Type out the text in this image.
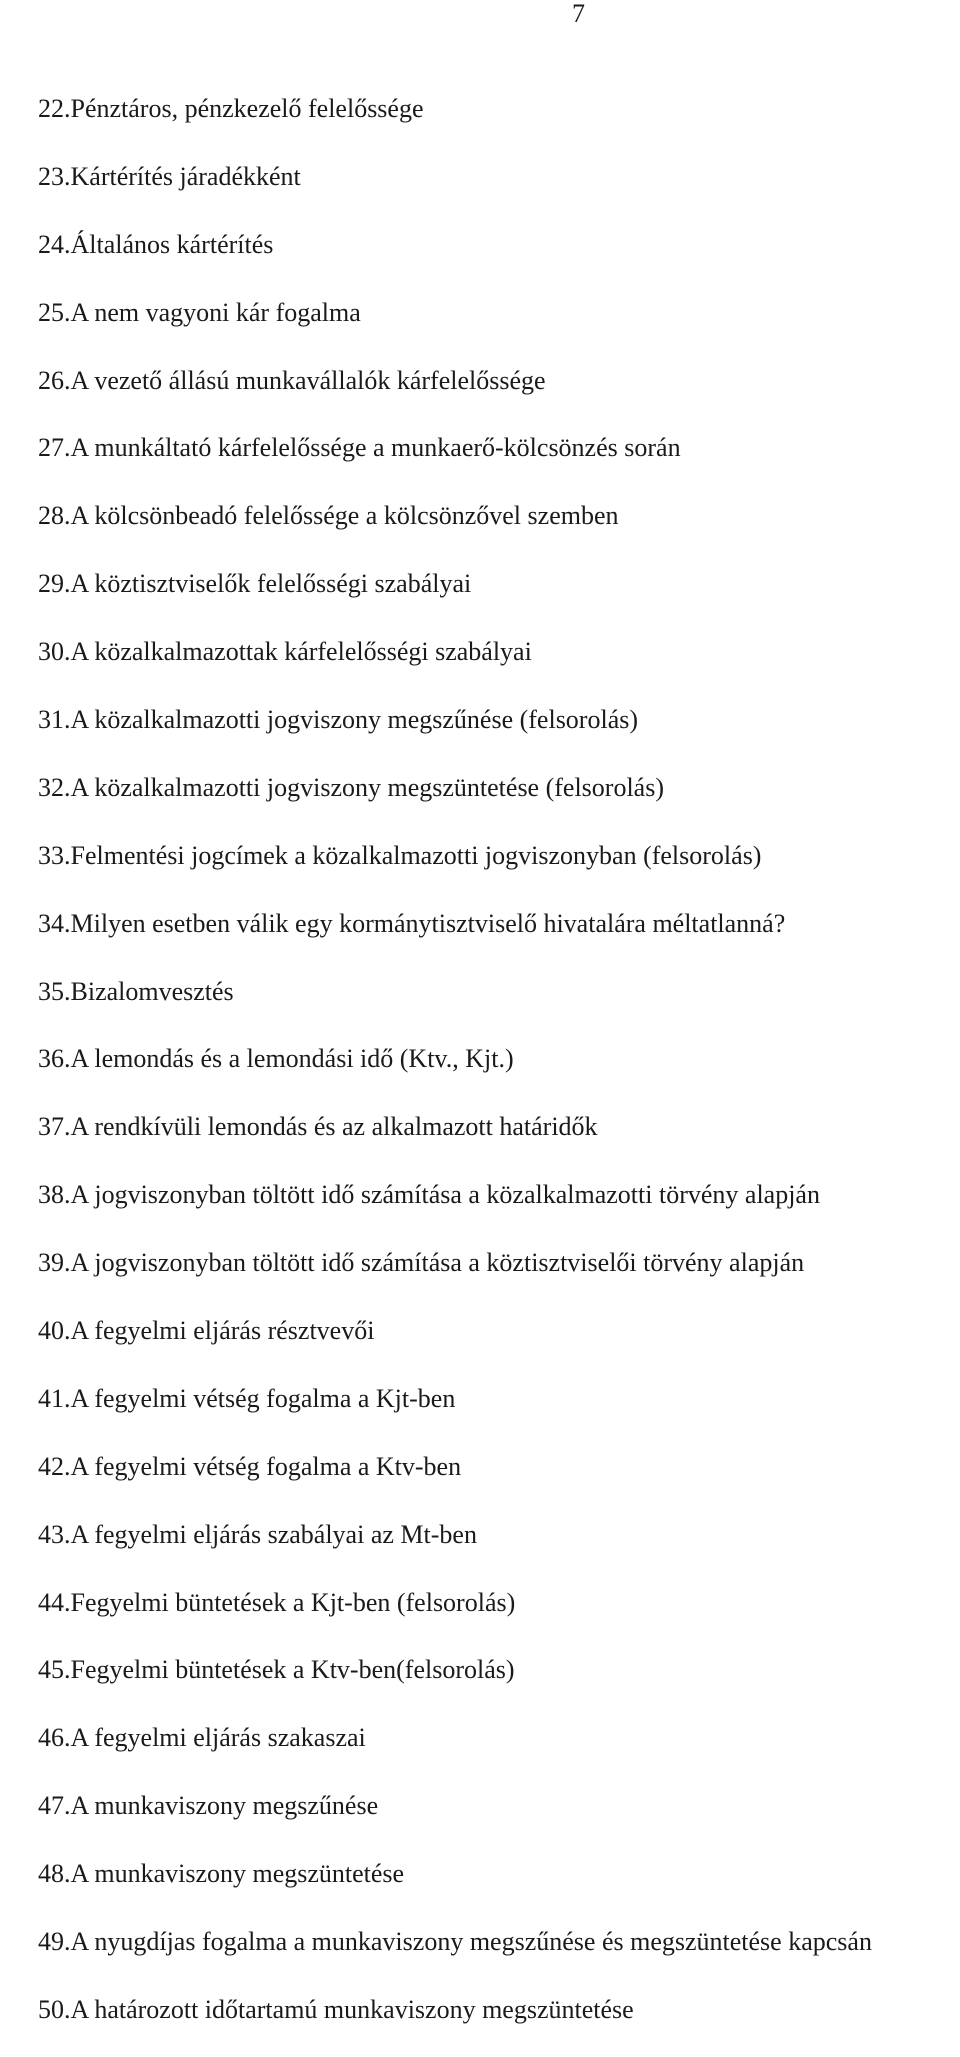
7
22 . Pénztáros, pénzkezelő felelőssége
23 . Kártérítés járadékként
24 . Általános kártérítés
25 . A nem vagyoni kár fogalma
26 . A vezető állású munkavállalók kárfelelőssége
27 . A munkáltató kárfelelőssége a munkaerő-kölcsönzés során
28 . A kölcsönbeadó felelőssége a kölcsönzővel szemben
29 . A köztisztviselők felelősségi szabályai
30 . A közalkalmazottak kárfelelősségi szabályai
31 . A közalkalmazotti jogviszony megszűnése (felsorolás)
32 . A közalkalmazotti jogviszony megszüntetése (felsorolás)
33 . Felmentési jogcímek a közalkalmazotti jogviszonyban (felsorolás)
34 . Milyen esetben válik egy kormánytisztviselő hivatalára méltatlanná?
35 . Bizalomvesztés
36 . A lemondás és a lemondási idő (Ktv., Kjt.)
37 . A rendkívüli lemondás és az alkalmazott határidők
38 . A jogviszonyban töltött idő számítása a közalkalmazotti törvény alapján
39 . A jogviszonyban töltött idő számítása a köztisztviselői törvény alapján
40 . A fegyelmi eljárás résztvevői
41 . A fegyelmi vétség fogalma a Kjt-ben
42 . A fegyelmi vétség fogalma a Ktv-ben
43 . A fegyelmi eljárás szabályai az Mt-ben
44 . Fegyelmi büntetések a Kjt-ben (felsorolás)
45 . Fegyelmi büntetések a Ktv-ben(felsorolás)
46 . A fegyelmi eljárás szakaszai
47 . A munkaviszony megszűnése
48 . A munkaviszony megszüntetése
49 . A nyugdíjas fogalma a munkaviszony megszűnése és megszüntetése kapcsán
50 . A határozott időtartamú munkaviszony megszüntetése
